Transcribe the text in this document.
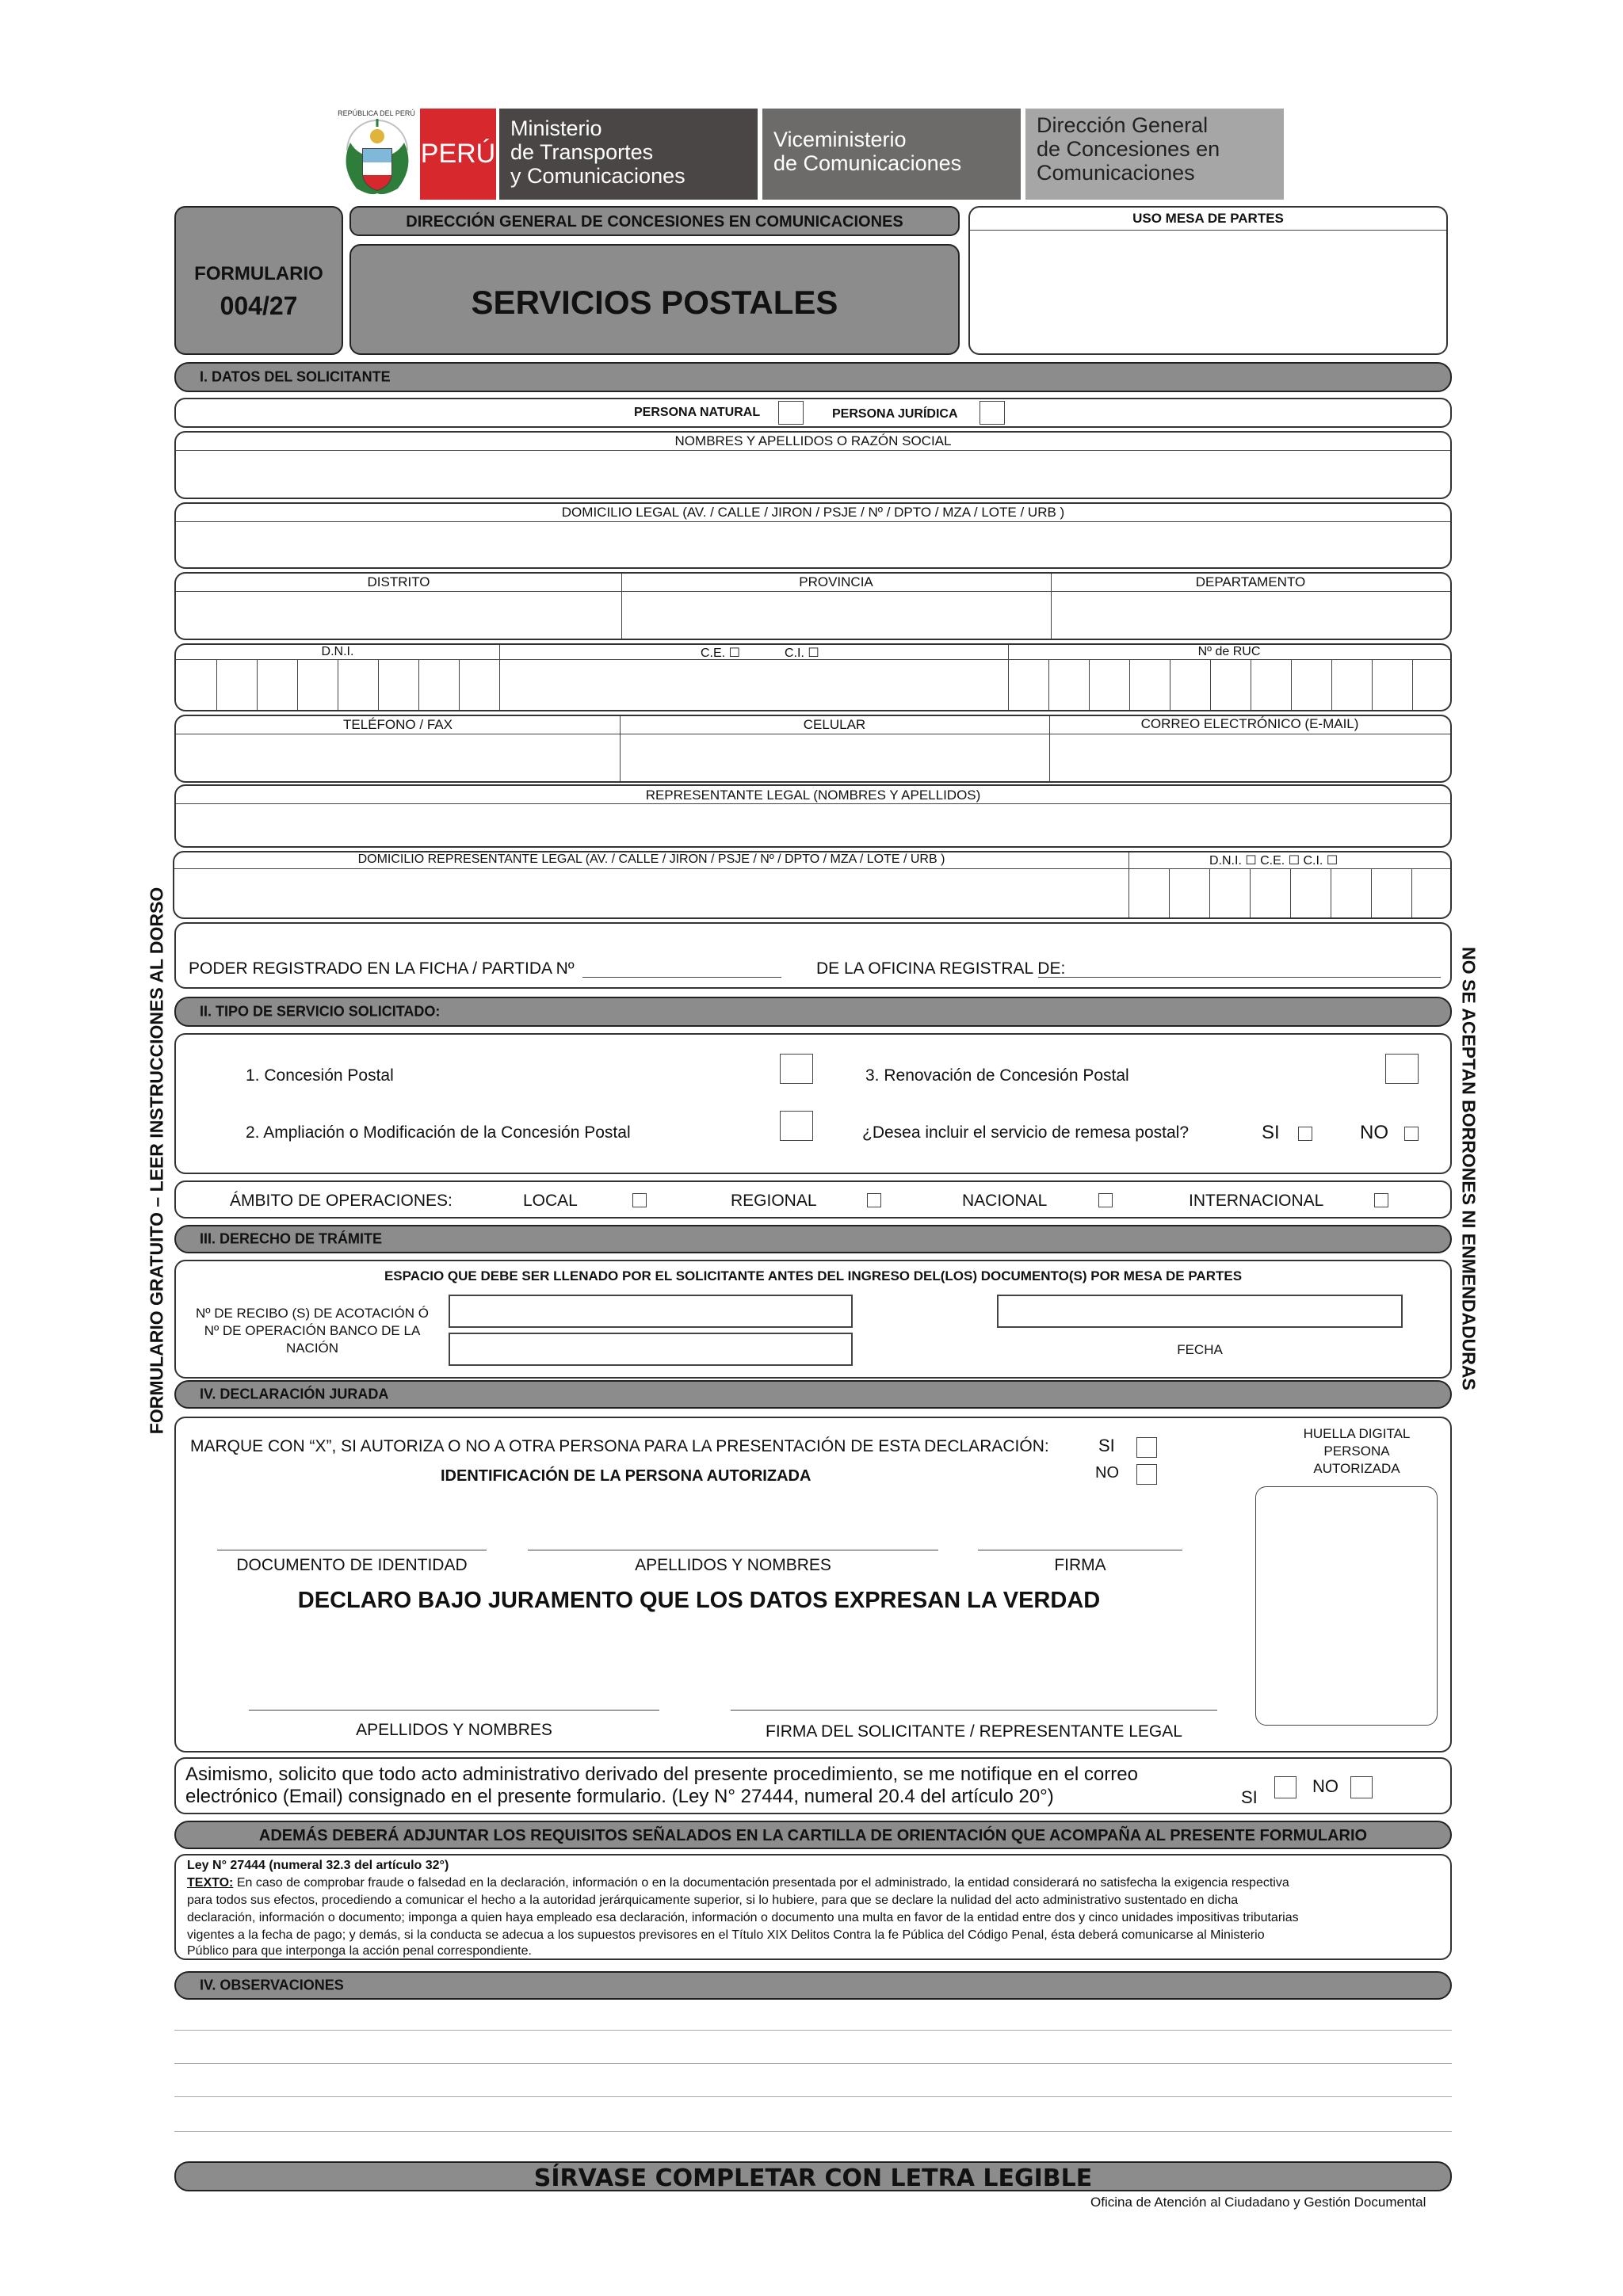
REPÚBLICA DEL PERÚ
PERÚ
Ministerio
de Transportes
y Comunicaciones
Viceministerio
de Comunicaciones
Dirección General
de Concesiones en
Comunicaciones
FORMULARIO
004/27
DIRECCIÓN GENERAL DE CONCESIONES EN COMUNICACIONES
SERVICIOS POSTALES
USO MESA DE PARTES
FORMULARIO GRATUITO – LEER INSTRUCCIONES AL DORSO	NO SE ACEPTAN BORRONES NI ENMENDADURAS
I. DATOS DEL SOLICITANTE
PERSONA NATURAL	PERSONA JURÍDICA
NOMBRES Y APELLIDOS O RAZÓN SOCIAL
DOMICILIO LEGAL (AV. / CALLE / JIRON / PSJE / Nº / DPTO / MZA / LOTE / URB )
DISTRITO	PROVINCIA	DEPARTAMENTO
D.N.I.	C.E. ☐	C.I. ☐	Nº de RUC
TELÉFONO / FAX	CELULAR	CORREO ELECTRÓNICO (E-MAIL)
REPRESENTANTE LEGAL (NOMBRES Y APELLIDOS)
DOMICILIO REPRESENTANTE LEGAL (AV. / CALLE / JIRON / PSJE / Nº / DPTO / MZA / LOTE / URB )	D.N.I. ☐ C.E. ☐ C.I. ☐
PODER REGISTRADO EN LA FICHA / PARTIDA Nº	DE LA OFICINA REGISTRAL DE:
II. TIPO DE SERVICIO SOLICITADO:
1. Concesión Postal	3. Renovación de Concesión Postal
2. Ampliación o Modificación de la Concesión Postal	¿Desea incluir el servicio de remesa postal?	SI	NO
ÁMBITO DE OPERACIONES:	LOCAL	REGIONAL	NACIONAL	INTERNACIONAL
III. DERECHO DE TRÁMITE
ESPACIO QUE DEBE SER LLENADO POR EL SOLICITANTE ANTES DEL INGRESO DEL(LOS) DOCUMENTO(S) POR MESA DE PARTES
Nº DE RECIBO (S) DE ACOTACIÓN Ó
Nº DE OPERACIÓN BANCO DE LA
NACIÓN	FECHA
IV. DECLARACIÓN JURADA
MARQUE CON “X”, SI AUTORIZA O NO A OTRA PERSONA PARA LA PRESENTACIÓN DE ESTA DECLARACIÓN:	SI
NO
IDENTIFICACIÓN DE LA PERSONA AUTORIZADA
HUELLA DIGITAL
PERSONA
AUTORIZADA
DOCUMENTO DE IDENTIDAD	APELLIDOS Y NOMBRES	FIRMA
DECLARO BAJO JURAMENTO QUE LOS DATOS EXPRESAN LA VERDAD
APELLIDOS Y NOMBRES	FIRMA DEL SOLICITANTE / REPRESENTANTE LEGAL
Asimismo, solicito que todo acto administrativo derivado del presente procedimiento, se me notifique en el correo
electrónico (Email) consignado en el presente formulario. (Ley N° 27444, numeral 20.4 del artículo 20°)	SI
NO
ADEMÁS DEBERÁ ADJUNTAR LOS REQUISITOS SEÑALADOS EN LA CARTILLA DE ORIENTACIÓN QUE ACOMPAÑA AL PRESENTE FORMULARIO
Ley N° 27444 (numeral 32.3 del artículo 32°)
TEXTO: En caso de comprobar fraude o falsedad en la declaración, información o en la documentación presentada por el administrado, la entidad considerará no satisfecha la exigencia respectiva
para todos sus efectos, procediendo a comunicar el hecho a la autoridad jerárquicamente superior, si lo hubiere, para que se declare la nulidad del acto administrativo sustentado en dicha
declaración, información o documento; imponga a quien haya empleado esa declaración, información o documento una multa en favor de la entidad entre dos y cinco unidades impositivas tributarias
vigentes a la fecha de pago; y demás, si la conducta se adecua a los supuestos previsores en el Título XIX Delitos Contra la fe Pública del Código Penal, ésta deberá comunicarse al Ministerio
Público para que interponga la acción penal correspondiente.
IV. OBSERVACIONES
SÍRVASE COMPLETAR CON LETRA LEGIBLE
Oficina de Atención al Ciudadano y Gestión Documental
